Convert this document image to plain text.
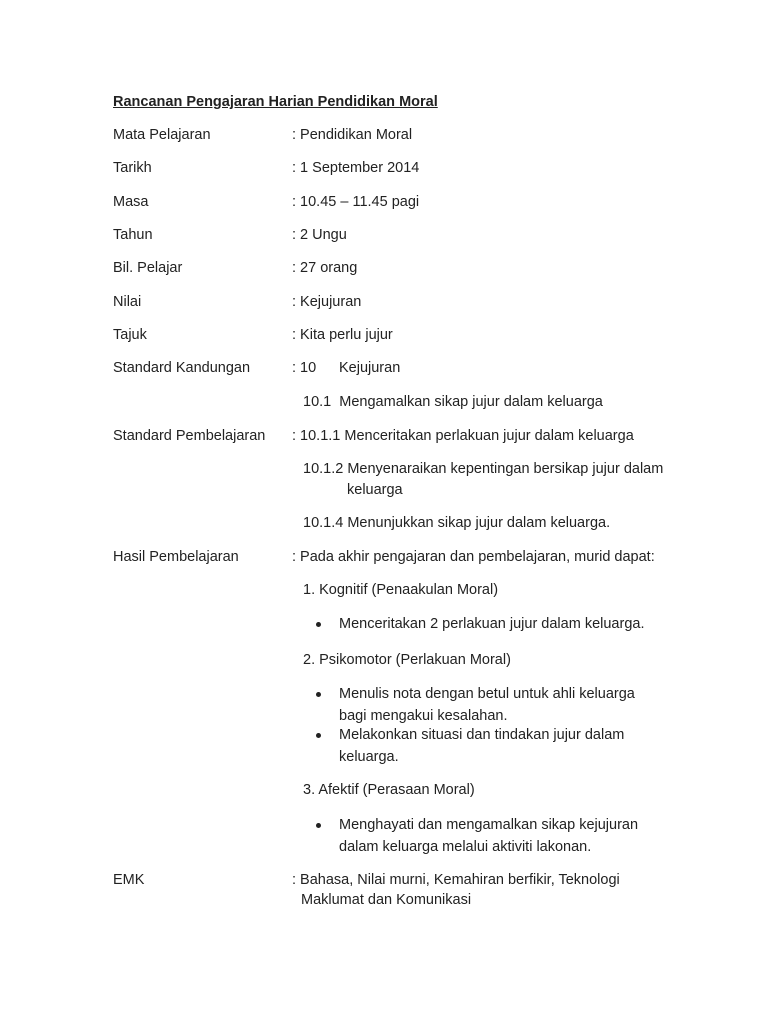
Rancanan Pengajaran Harian Pendidikan Moral
Mata Pelajaran	: Pendidikan Moral
Tarikh	: 1 September 2014
Masa	: 10.45 – 11.45 pagi
Tahun	: 2 Ungu
Bil. Pelajar	: 27 orang
Nilai	: Kejujuran
Tajuk	: Kita perlu jujur
Standard Kandungan	: 10 Kejujuran
10.1  Mengamalkan sikap jujur dalam keluarga
Standard Pembelajaran : 10.1.1 Menceritakan perlakuan jujur dalam keluarga
10.1.2 Menyenaraikan kepentingan bersikap jujur dalam
keluarga
10.1.4 Menunjukkan sikap jujur dalam keluarga.
Hasil Pembelajaran	: Pada akhir pengajaran dan pembelajaran, murid dapat:
1. Kognitif (Penaakulan Moral)
Menceritakan 2 perlakuan jujur dalam keluarga.
2. Psikomotor (Perlakuan Moral)
Menulis nota dengan betul untuk ahli keluarga
bagi mengakui kesalahan.
Melakonkan situasi dan tindakan jujur dalam
keluarga.
3. Afektif (Perasaan Moral)
Menghayati dan mengamalkan sikap kejujuran
dalam keluarga melalui aktiviti lakonan.
EMK	: Bahasa, Nilai murni, Kemahiran berfikir, Teknologi
Maklumat dan Komunikasi
